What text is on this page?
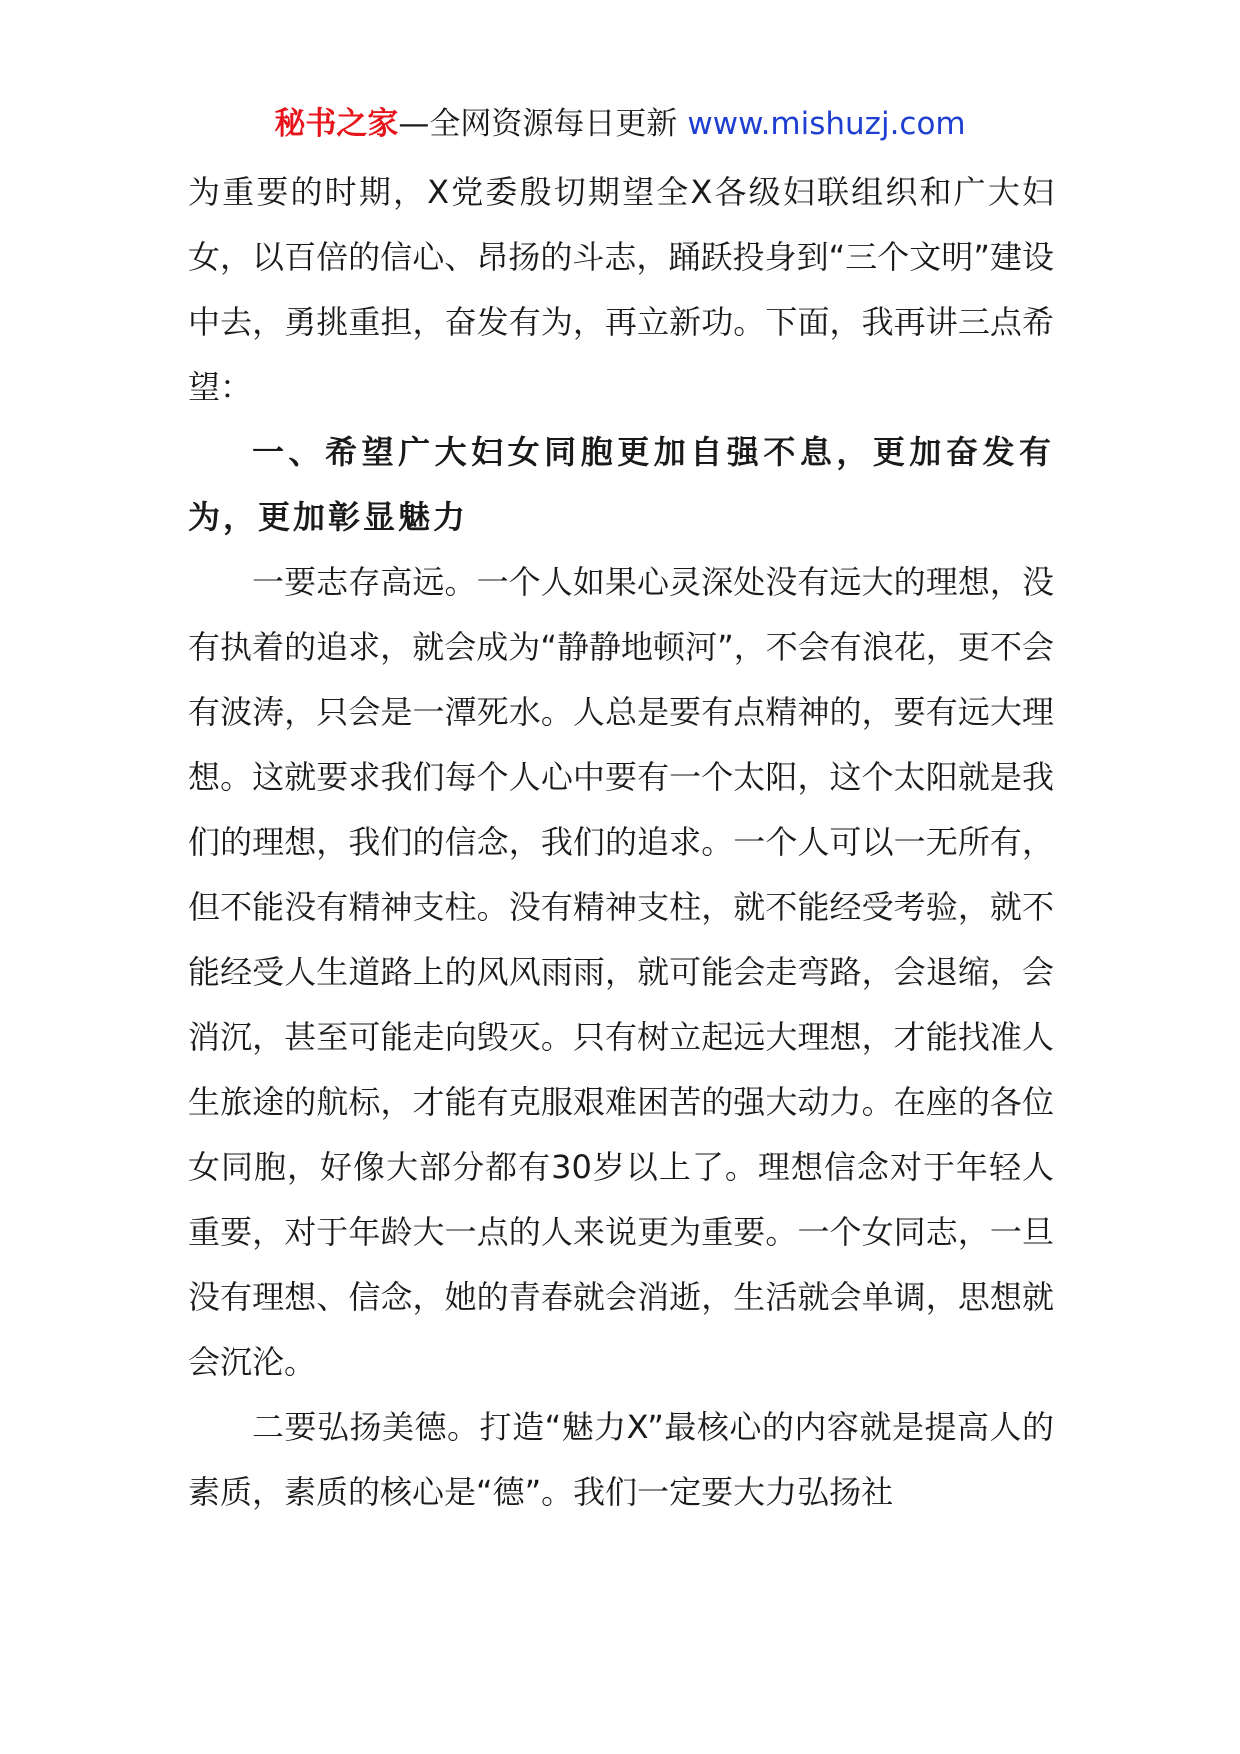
秘书之家—全网资源每日更新 www.mishuzj.com

为重要的时期，X党委殷切期望全X各级妇联组织和广大妇女，以百倍的信心、昂扬的斗志，踊跃投身到“三个文明”建设中去，勇挑重担，奋发有为，再立新功。下面，我再讲三点希望：

一、希望广大妇女同胞更加自强不息，更加奋发有为，更加彰显魅力

一要志存高远。一个人如果心灵深处没有远大的理想，没有执着的追求，就会成为“静静地顿河”，不会有浪花，更不会有波涛，只会是一潭死水。人总是要有点精神的，要有远大理想。这就要求我们每个人心中要有一个太阳，这个太阳就是我们的理想，我们的信念，我们的追求。一个人可以一无所有，但不能没有精神支柱。没有精神支柱，就不能经受考验，就不能经受人生道路上的风风雨雨，就可能会走弯路，会退缩，会消沉，甚至可能走向毁灭。只有树立起远大理想，才能找准人生旅途的航标，才能有克服艰难困苦的强大动力。在座的各位女同胞，好像大部分都有30岁以上了。理想信念对于年轻人重要，对于年龄大一点的人来说更为重要。一个女同志，一旦没有理想、信念，她的青春就会消逝，生活就会单调，思想就会沉沦。

二要弘扬美德。打造“魅力X”最核心的内容就是提高人的素质，素质的核心是“德”。我们一定要大力弘扬社
